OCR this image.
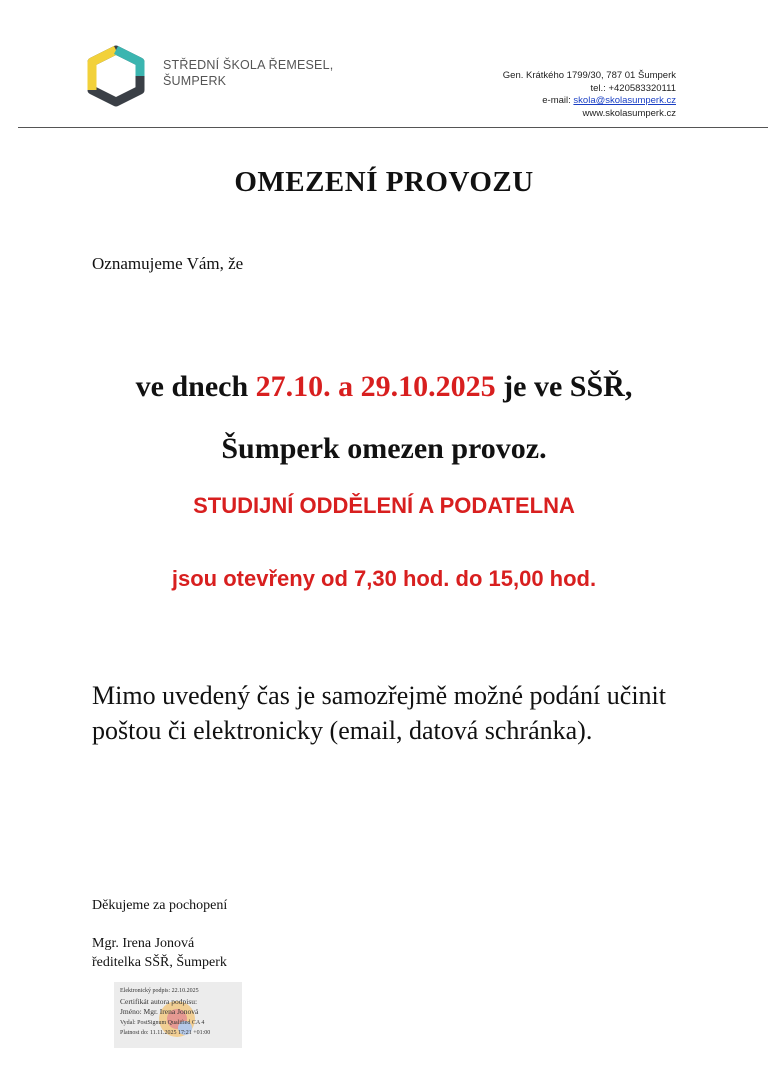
STŘEDNÍ ŠKOLA ŘEMESEL,
ŠUMPERK	Gen. Krátkého 1799/30, 787 01 Šumperk
tel.: +420583320111
e-mail: skola@skolasumperk.cz
www.skolasumperk.cz
OMEZENÍ PROVOZU
Oznamujeme Vám, že
ve dnech 27.10. a 29.10.2025 je ve SŠŘ,
Šumperk omezen provoz.
STUDIJNÍ ODDĚLENÍ A PODATELNA
jsou otevřeny od 7,30 hod. do 15,00 hod.
Mimo uvedený čas je samozřejmě možné podání učinit poštou či elektronicky (email, datová schránka).
Děkujeme za pochopení
Mgr. Irena Jonová
ředitelka SŠŘ, Šumperk
Elektronický podpis: 22.10.2025
Certifikát autora podpisu:
Jméno: Mgr. Irena Jonová
Vydal: PostSignum Qualified CA 4
Platnost do: 11.11.2025 17:21 +01:00
